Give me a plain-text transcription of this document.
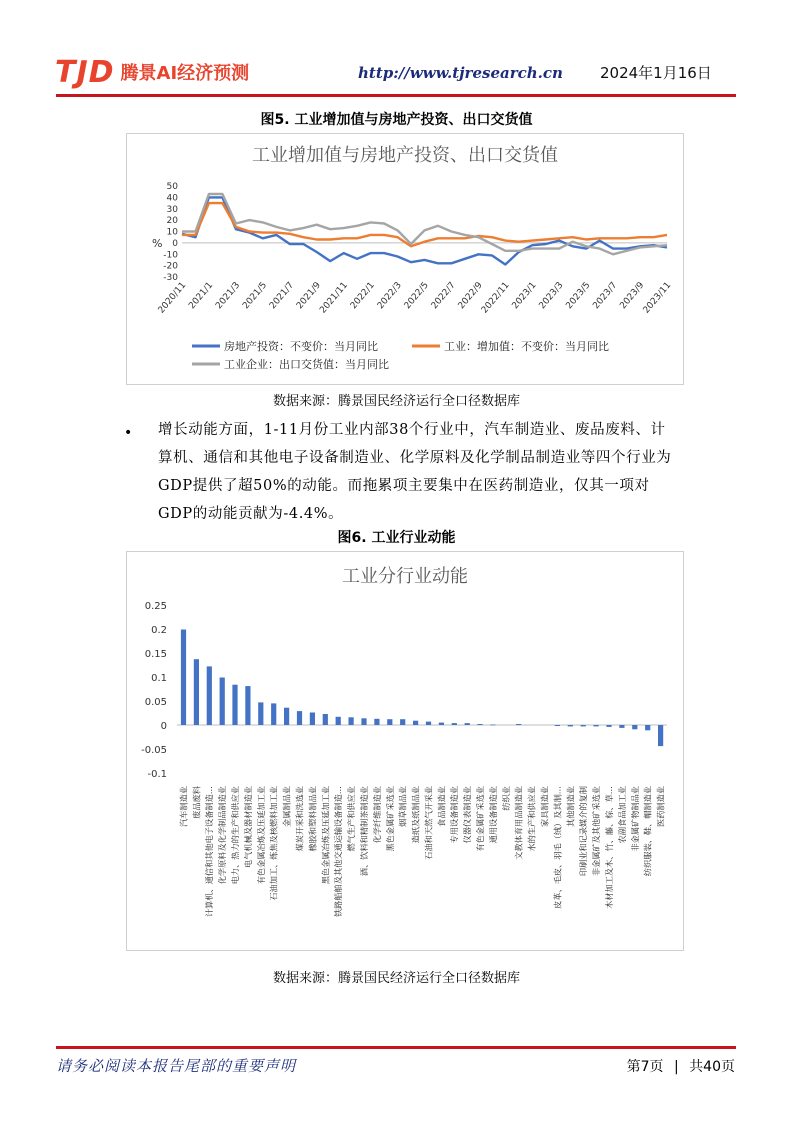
TJD 腾景AI经济预测	http://www.tjresearch.cn 2024年1月16日
图5. 工业增加值与房地产投资、出口交货值
工业增加值与房地产投资、出口交货值
%
50
40
30
20
10
0
-10
-20
-30
2020/11
2021/1
2021/3
2021/5
2021/7
2021/9
2021/11
2022/1
2022/3
2022/5
2022/7
2022/9
2022/11
2023/1
2023/3
2023/5
2023/7
2023/9
2023/11
房地产投资：不变价：当月同比	工业：增加值：不变价：当月同比
工业企业：出口交货值：当月同比
数据来源：腾景国民经济运行全口径数据库
• 增长动能方面，1-11月份工业内部38个行业中，汽车制造业、废品废料、计算机、通信和其他电子设备制造业、化学原料及化学制品制造业等四个行业为GDP提供了超50%的动能。而拖累项主要集中在医药制造业，仅其一项对GDP的动能贡献为-4.4%。
图6. 工业行业动能
工业分行业动能
0.25
0.2
0.15
0.1
0.05
0
-0.05
-0.1
汽车制造业 废品废料 计算机、通信和其他电子设备制造… 化学原料及化学制品制造业 电力、热力的生产和供应业 电气机械及器材制造业 有色金属冶炼及压延加工业 石油加工、炼焦及核燃料加工业 金属制品业 煤炭开采和洗选业 橡胶和塑料制品业 黑色金属冶炼及压延加工业 铁路船舶及其他交通运输设备制造… 燃气生产和供应业 酒、饮料和精制茶制造业 化学纤维制造业 黑色金属矿采选业 烟草制品业 造纸及纸制品业 石油和天然气开采业 食品制造业 专用设备制造业 仪器仪表制造业 有色金属矿采选业 通用设备制造业 纺织业 文教体育用品制造业 水的生产和供应业 家具制造业 皮革、毛皮、羽毛（绒）及其制… 其他制造业 印刷业和记录媒介的复制 非金属矿及其他矿采选业 木材加工及木、竹、藤、棕、草… 农副食品加工业 非金属矿物制品业 纺织服装、鞋、帽制造业 医药制造业
数据来源：腾景国民经济运行全口径数据库
请务必阅读本报告尾部的重要声明	第7页 | 共40页
